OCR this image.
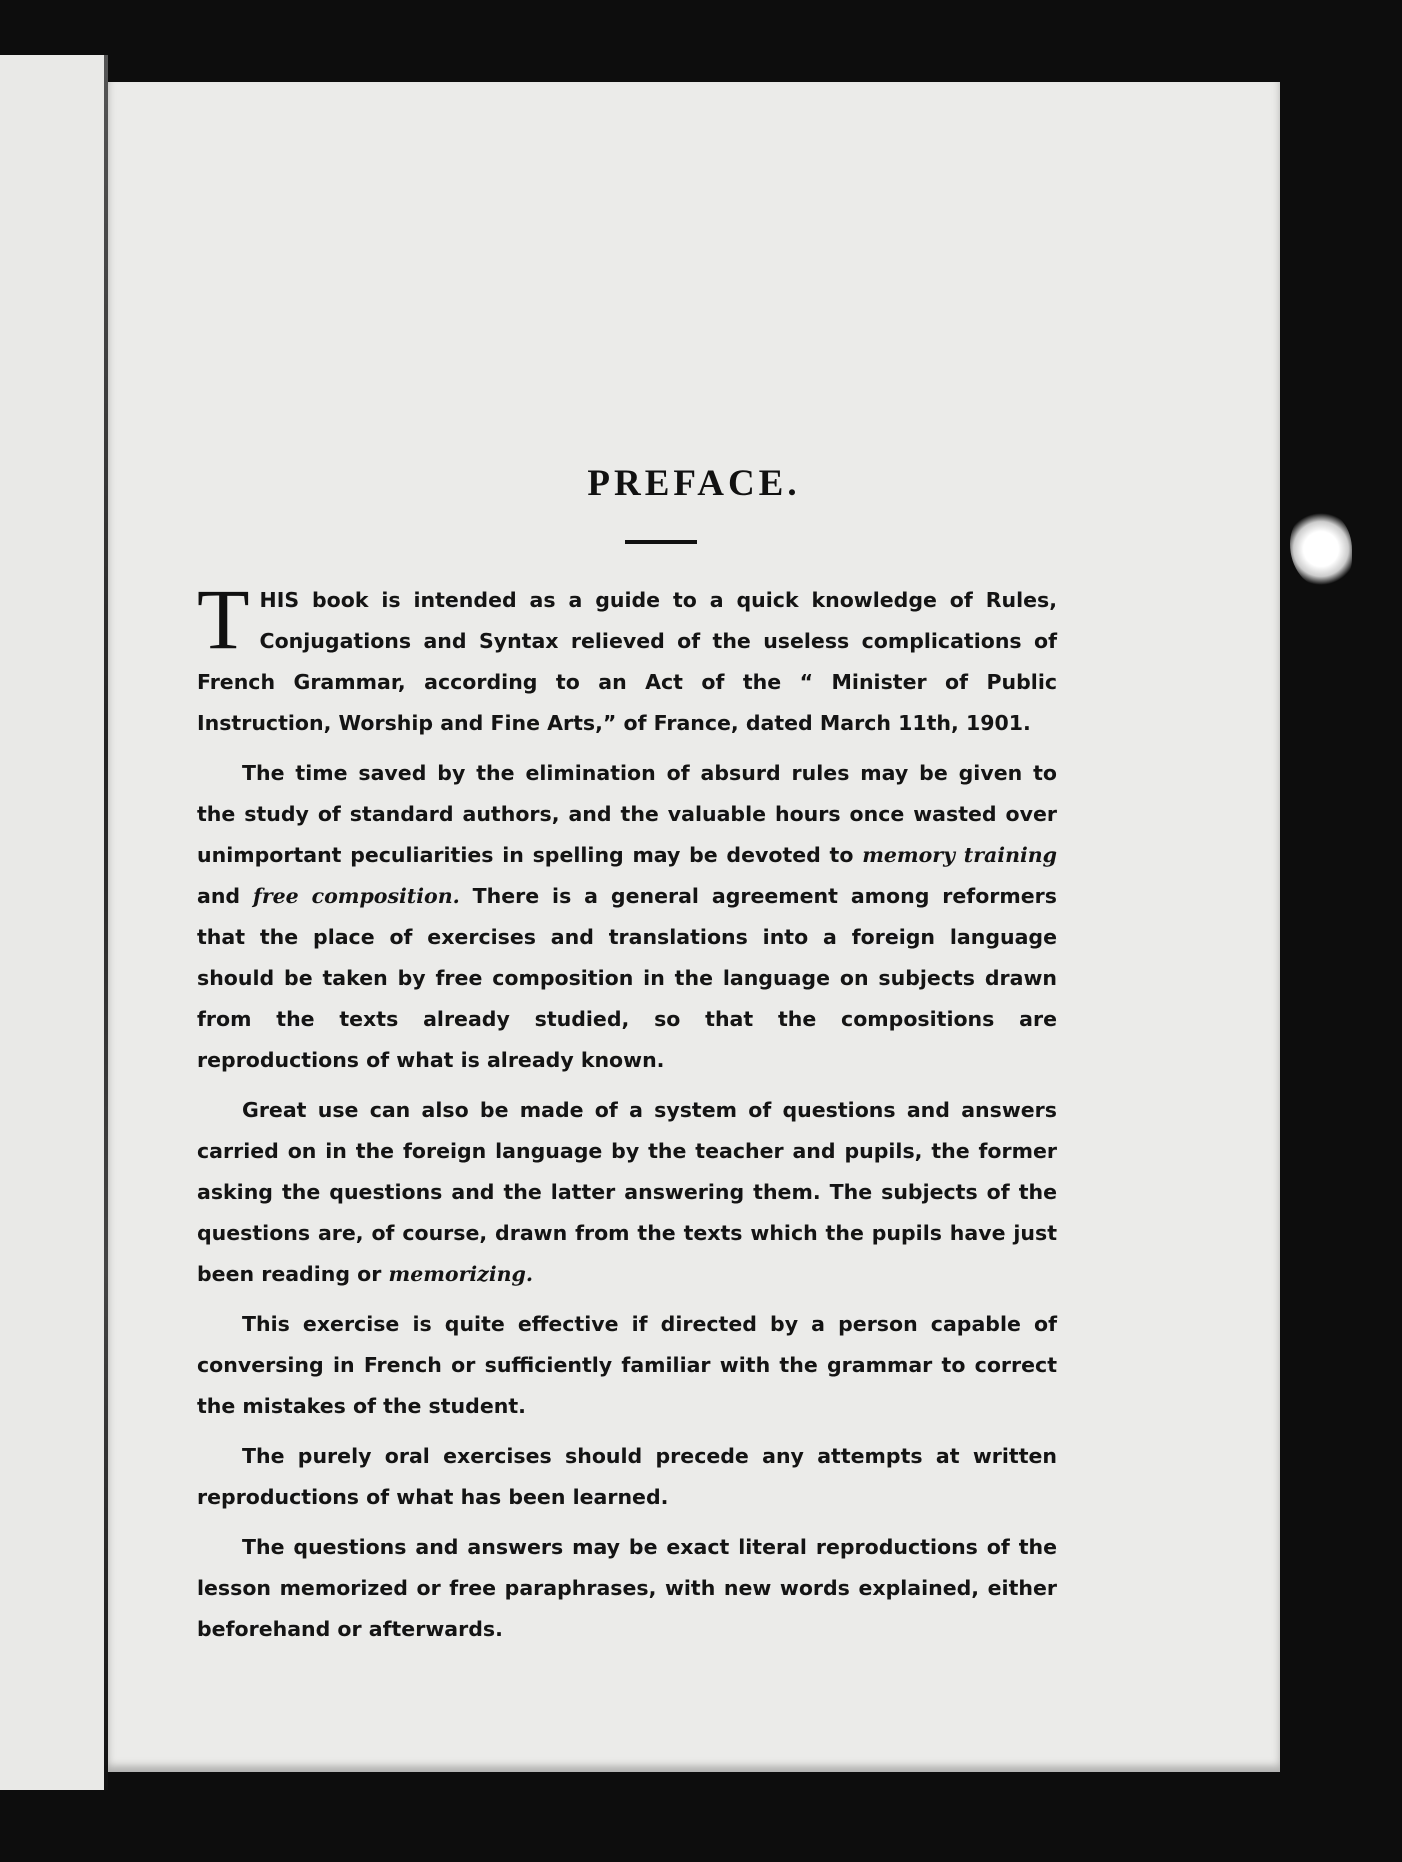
PREFACE.

THIS book is intended as a guide to a quick knowledge of Rules, Conjugations and Syntax relieved of the useless complications of French Grammar, according to an Act of the “ Minister of Public Instruction, Worship and Fine Arts,” of France, dated March 11th, 1901.

The time saved by the elimination of absurd rules may be given to the study of standard authors, and the valuable hours once wasted over unimportant peculiarities in spelling may be devoted to memory training and free composition. There is a general agreement among reformers that the place of exercises and translations into a foreign language should be taken by free composition in the language on subjects drawn from the texts already studied, so that the compositions are reproductions of what is already known.

Great use can also be made of a system of questions and answers carried on in the foreign language by the teacher and pupils, the former asking the questions and the latter answering them. The subjects of the questions are, of course, drawn from the texts which the pupils have just been reading or memorizing.

This exercise is quite effective if directed by a person capable of conversing in French or sufficiently familiar with the grammar to correct the mistakes of the student.

The purely oral exercises should precede any attempts at written reproductions of what has been learned.

The questions and answers may be exact literal reproductions of the lesson memorized or free paraphrases, with new words explained, either beforehand or afterwards.
